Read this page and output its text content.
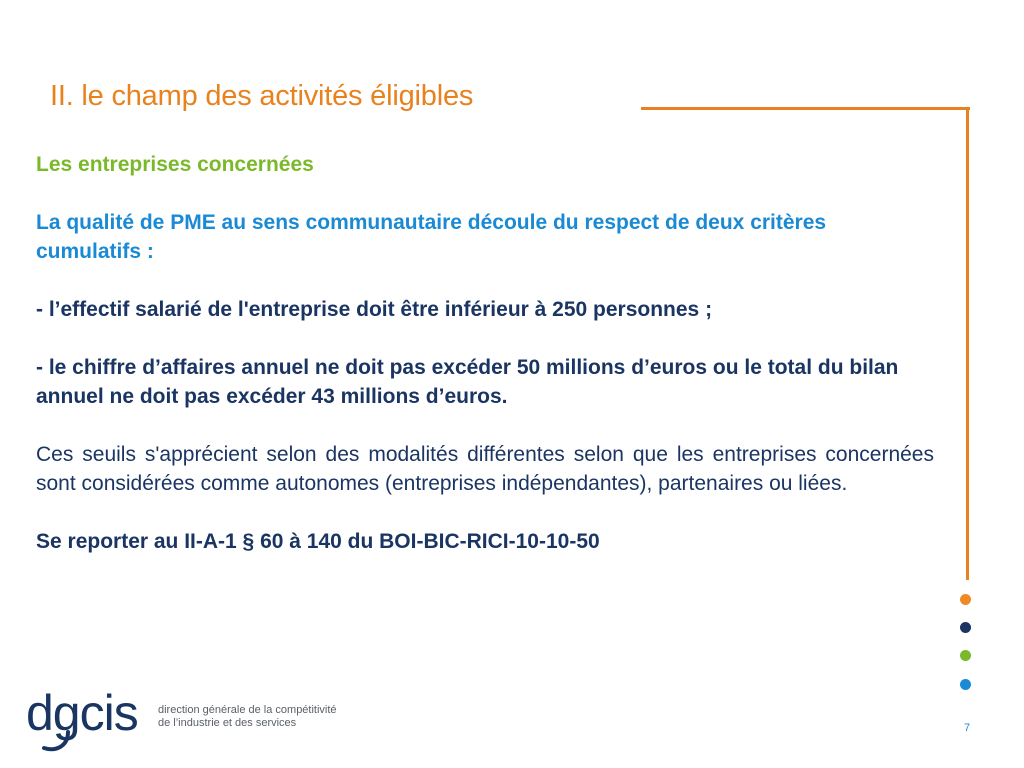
II. le champ des activités éligibles

Les entreprises concernées

La qualité de PME au sens communautaire découle du respect de deux critères cumulatifs :

- l’effectif salarié de l'entreprise doit être inférieur à 250 personnes ;

- le chiffre d’affaires annuel ne doit pas excéder 50 millions d’euros ou le total du bilan annuel ne doit pas excéder 43 millions d’euros.

Ces seuils s'apprécient selon des modalités différentes selon que les entreprises concernées sont considérées comme autonomes (entreprises indépendantes), partenaires ou liées.

Se reporter au II-A-1 § 60 à 140 du BOI-BIC-RICI-10-10-50

dgcis direction générale de la compétitivité
de l’industrie et des services	7
